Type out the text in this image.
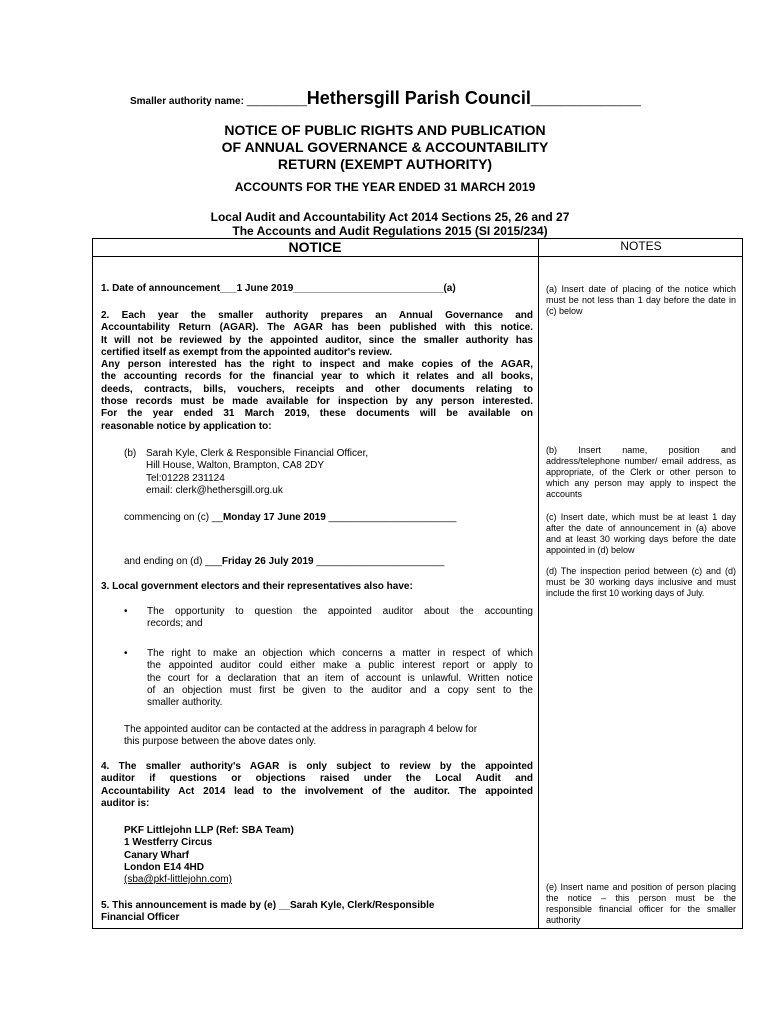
Smaller authority name: ______Hethersgill Parish Council___________
NOTICE OF PUBLIC RIGHTS AND PUBLICATION
OF ANNUAL GOVERNANCE & ACCOUNTABILITY
RETURN (EXEMPT AUTHORITY)
ACCOUNTS FOR THE YEAR ENDED 31 MARCH 2019
Local Audit and Accountability Act 2014 Sections 25, 26 and 27
The Accounts and Audit Regulations 2015 (SI 2015/234)
NOTICE	NOTES
1. Date of announcement___1 June 2019___________________________(a)
2. Each year the smaller authority prepares an Annual Governance and
Accountability Return (AGAR). The AGAR has been published with this notice.
It will not be reviewed by the appointed auditor, since the smaller authority has
certified itself as exempt from the appointed auditor's review.
Any person interested has the right to inspect and make copies of the AGAR,
the accounting records for the financial year to which it relates and all books,
deeds, contracts, bills, vouchers, receipts and other documents relating to
those records must be made available for inspection by any person interested.
For the year ended 31 March 2019, these documents will be available on
reasonable notice by application to:
(b) Sarah Kyle, Clerk & Responsible Financial Officer,
Hill House, Walton, Brampton, CA8 2DY
Tel:01228 231124
email: clerk@hethersgill.org.uk
commencing on (c) __Monday 17 June 2019 _______________________
and ending on (d) ___Friday 26 July 2019 _______________________
3. Local government electors and their representatives also have:
• The opportunity to question the appointed auditor about the accounting
records; and
• The right to make an objection which concerns a matter in respect of which
the appointed auditor could either make a public interest report or apply to
the court for a declaration that an item of account is unlawful. Written notice
of an objection must first be given to the auditor and a copy sent to the
smaller authority.
The appointed auditor can be contacted at the address in paragraph 4 below for
this purpose between the above dates only.
4. The smaller authority's AGAR is only subject to review by the appointed
auditor if questions or objections raised under the Local Audit and
Accountability Act 2014 lead to the involvement of the auditor. The appointed
auditor is:
PKF Littlejohn LLP (Ref: SBA Team)
1 Westferry Circus
Canary Wharf
London E14 4HD
(sba@pkf-littlejohn.com)
5. This announcement is made by (e) __Sarah Kyle, Clerk/Responsible
Financial Officer
(a) Insert date of placing of the notice which must be not less than 1 day before the date in (c) below
(b) Insert name, position and address/telephone number/ email address, as appropriate, of the Clerk or other person to which any person may apply to inspect the accounts
(c) Insert date, which must be at least 1 day after the date of announcement in (a) above and at least 30 working days before the date appointed in (d) below
(d) The inspection period between (c) and (d) must be 30 working days inclusive and must include the first 10 working days of July.
(e) Insert name and position of person placing the notice – this person must be the responsible financial officer for the smaller authority
